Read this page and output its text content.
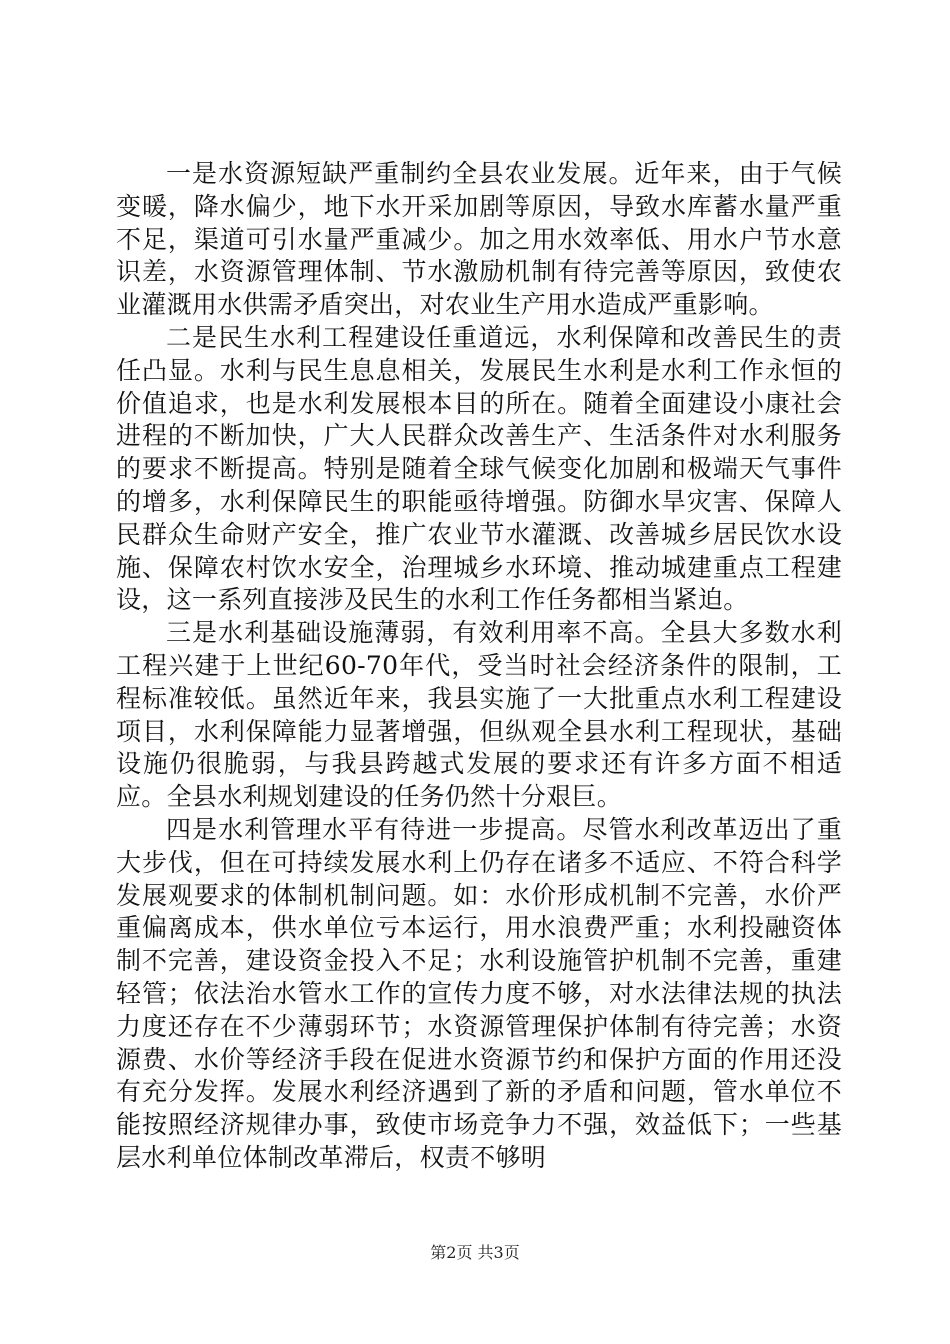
一是水资源短缺严重制约全县农业发展。近年来，由于气候变暖，降水偏少，地下水开采加剧等原因，导致水库蓄水量严重不足，渠道可引水量严重减少。加之用水效率低、用水户节水意识差，水资源管理体制、节水激励机制有待完善等原因，致使农业灌溉用水供需矛盾突出，对农业生产用水造成严重影响。

二是民生水利工程建设任重道远，水利保障和改善民生的责任凸显。水利与民生息息相关，发展民生水利是水利工作永恒的价值追求，也是水利发展根本目的所在。随着全面建设小康社会进程的不断加快，广大人民群众改善生产、生活条件对水利服务的要求不断提高。特别是随着全球气候变化加剧和极端天气事件的增多，水利保障民生的职能亟待增强。防御水旱灾害、保障人民群众生命财产安全，推广农业节水灌溉、改善城乡居民饮水设施、保障农村饮水安全，治理城乡水环境、推动城建重点工程建设，这一系列直接涉及民生的水利工作任务都相当紧迫。

三是水利基础设施薄弱，有效利用率不高。全县大多数水利工程兴建于上世纪60-70年代，受当时社会经济条件的限制，工程标准较低。虽然近年来，我县实施了一大批重点水利工程建设项目，水利保障能力显著增强，但纵观全县水利工程现状，基础设施仍很脆弱，与我县跨越式发展的要求还有许多方面不相适应。全县水利规划建设的任务仍然十分艰巨。

四是水利管理水平有待进一步提高。尽管水利改革迈出了重大步伐，但在可持续发展水利上仍存在诸多不适应、不符合科学发展观要求的体制机制问题。如：水价形成机制不完善，水价严重偏离成本，供水单位亏本运行，用水浪费严重；水利投融资体制不完善，建设资金投入不足；水利设施管护机制不完善，重建轻管；依法治水管水工作的宣传力度不够，对水法律法规的执法力度还存在不少薄弱环节；水资源管理保护体制有待完善；水资源费、水价等经济手段在促进水资源节约和保护方面的作用还没有充分发挥。发展水利经济遇到了新的矛盾和问题，管水单位不能按照经济规律办事，致使市场竞争力不强，效益低下；一些基层水利单位体制改革滞后，权责不够明

第2页 共3页
